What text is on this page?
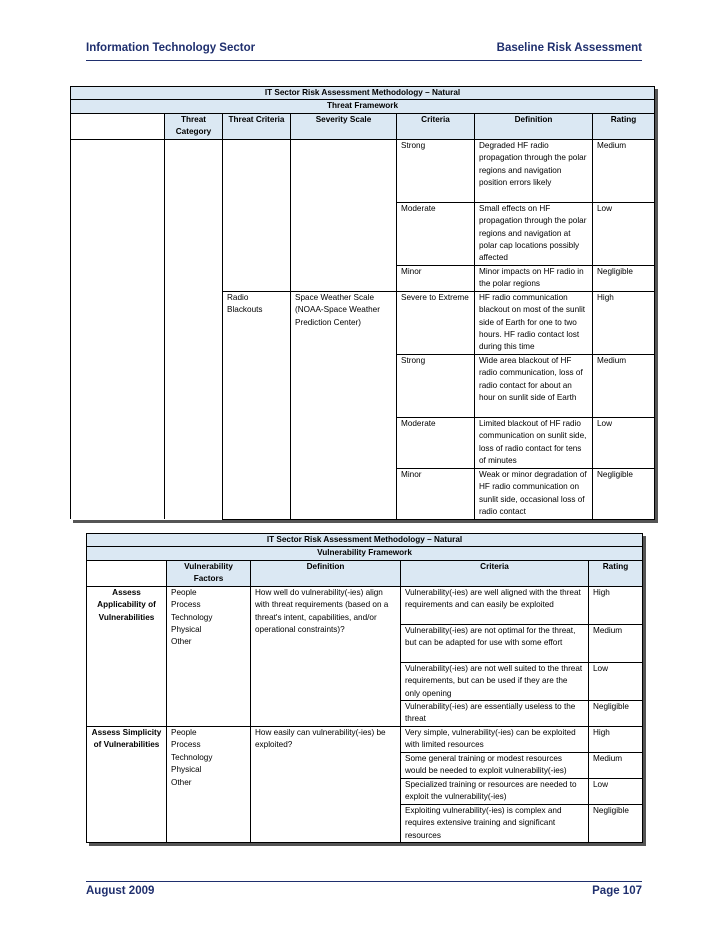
Information Technology Sector	Baseline Risk Assessment
IT Sector Risk Assessment Methodology – Natural						
Threat Framework						
	Threat Category	Threat Criteria	Severity Scale	Criteria	Definition	Rating
				Strong	Degraded HF radio propagation through the polar regions and navigation position errors likely	Medium
				Moderate	Small effects on HF propagation through the polar regions and navigation at polar cap locations possibly affected	Low
				Minor	Minor impacts on HF radio in the polar regions	Negligible
		Radio Blackouts	Space Weather Scale (NOAA-Space Weather Prediction Center)	Severe to Extreme	HF radio communication blackout on most of the sunlit side of Earth for one to two hours. HF radio contact lost during this time	High
				Strong	Wide area blackout of HF radio communication, loss of radio contact for about an hour on sunlit side of Earth	Medium
				Moderate	Limited blackout of HF radio communication on sunlit side, loss of radio contact for tens of minutes	Low
				Minor	Weak or minor degradation of HF radio communication on sunlit side, occasional loss of radio contact	Negligible
IT Sector Risk Assessment Methodology – Natural				
Vulnerability Framework				
	Vulnerability Factors	Definition	Criteria	Rating
Assess Applicability of Vulnerabilities	People
Process
Technology
Physical
Other	How well do vulnerability(-ies) align with threat requirements (based on a threat's intent, capabilities, and/or operational constraints)?	Vulnerability(-ies) are well aligned with the threat requirements and can easily be exploited	High
			Vulnerability(-ies) are not optimal for the threat, but can be adapted for use with some effort	Medium
			Vulnerability(-ies) are not well suited to the threat requirements, but can be used if they are the only opening	Low
			Vulnerability(-ies) are essentially useless to the threat	Negligible
Assess Simplicity of Vulnerabilities	People
Process
Technology
Physical
Other	How easily can vulnerability(-ies) be exploited?	Very simple, vulnerability(-ies) can be exploited with limited resources	High
			Some general training or modest resources would be needed to exploit vulnerability(-ies)	Medium
			Specialized training or resources are needed to exploit the vulnerability(-ies)	Low
			Exploiting vulnerability(-ies) is complex and requires extensive training and significant resources	Negligible
August 2009	Page 107
